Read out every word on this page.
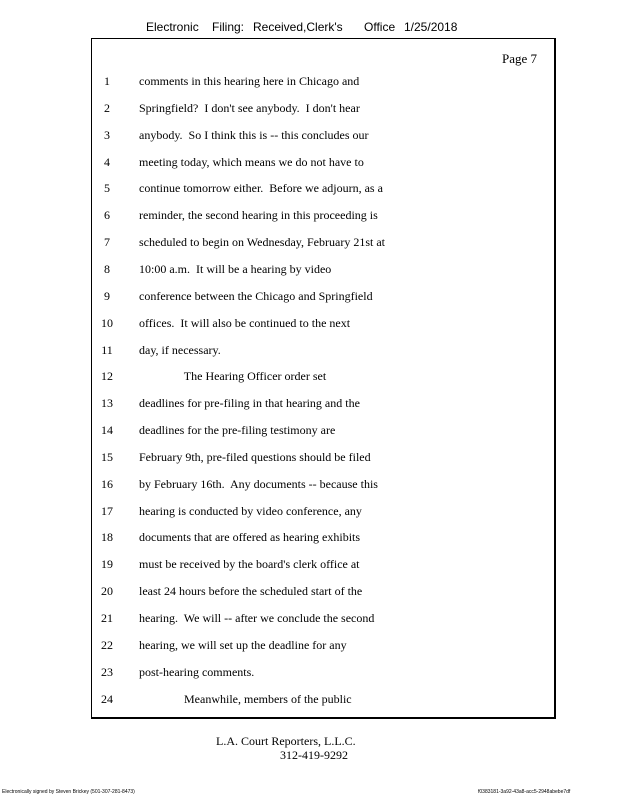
Electronic

Filing:

Received,Clerk's

Office

1/25/2018

Page 7
1	comments in this hearing here in Chicago and
2	Springfield?  I don't see anybody.  I don't hear
3	anybody.  So I think this is -- this concludes our
4	meeting today, which means we do not have to
5	continue tomorrow either.  Before we adjourn, as a
6	reminder, the second hearing in this proceeding is
7	scheduled to begin on Wednesday, February 21st at
8	10:00 a.m.  It will be a hearing by video
9	conference between the Chicago and Springfield
10	offices.  It will also be continued to the next
11	day, if necessary.
12	The Hearing Officer order set
13	deadlines for pre-filing in that hearing and the
14	deadlines for the pre-filing testimony are
15	February 9th, pre-filed questions should be filed
16	by February 16th.  Any documents -- because this
17	hearing is conducted by video conference, any
18	documents that are offered as hearing exhibits
19	must be received by the board's clerk office at
20	least 24 hours before the scheduled start of the
21	hearing.  We will -- after we conclude the second
22	hearing, we will set up the deadline for any
23	post-hearing comments.
24	Meanwhile, members of the public
L.A. Court Reporters, L.L.C.
312-419-9292
Electronically signed by Steven Brickey (501-307-281-8473)	f0383181-3a92-43a8-acc5-2948abebe7df
